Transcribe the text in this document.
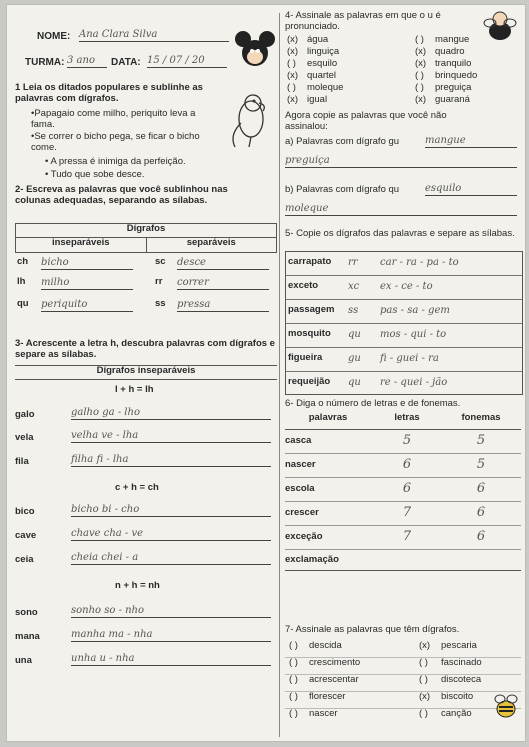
NOME: Ana Clara Silva
TURMA: 3 ano	DATA: 15 / 07 / 20
1 Leia os ditados populares e sublinhe as palavras com dígrafos.
•Papagaio come milho, periquito leva a fama.
•Se correr o bicho pega, se ficar o bicho come.
• A pressa é inimiga da perfeição.
• Tudo que sobe desce.
2- Escreva as palavras que você sublinhou nas colunas adequadas, separando as sílabas.
Dígrafos
inseparáveis	separáveis
ch bicho	sc desce
lh milho	rr correr
qu periquito	ss pressa
3- Acrescente a letra h, descubra palavras com dígrafos e separe as sílabas.
Dígrafos inseparáveis
l + h = lh
galo	galho ga - lho
vela	velha ve - lha
fila	filha fi - lha
c + h = ch
bico	bicho bi - cho
cave	chave cha - ve
ceia	cheia chei - a
n + h = nh
sono	sonho so - nho
mana	manha ma - nha
una	unha u - nha
4- Assinale as palavras em que o u é pronunciado.
(x) água	( ) mangue
(x) linguiça	(x) quadro
( ) esquilo	(x) tranquilo
(x) quartel	( ) brinquedo
( ) moleque	( ) preguiça
(x) igual	(x) guaraná
Agora copie as palavras que você não assinalou:
a) Palavras com dígrafo gu	mangue
preguiça
b) Palavras com dígrafo qu	esquilo
moleque
5- Copie os dígrafos das palavras e separe as sílabas.
carrapato rr car - ra - pa - to
exceto	xc ex - ce - to
passagem ss pas - sa - gem
mosquito qu mos - qui - to
figueira	gu fi - guei - ra
requeijão qu re - quei - jão
6- Diga o número de letras e de fonemas.
palavras	letras	fonemas
casca	5	5
nascer	6	5
escola	6	6
crescer	7	6
exceção	7	6
exclamação
7- Assinale as palavras que têm dígrafos.
( ) descida	(x) pescaria
( ) crescimento	( ) fascinado
( ) acrescentar	( ) discoteca
( ) florescer	(x) biscoito
( ) nascer	( ) canção
